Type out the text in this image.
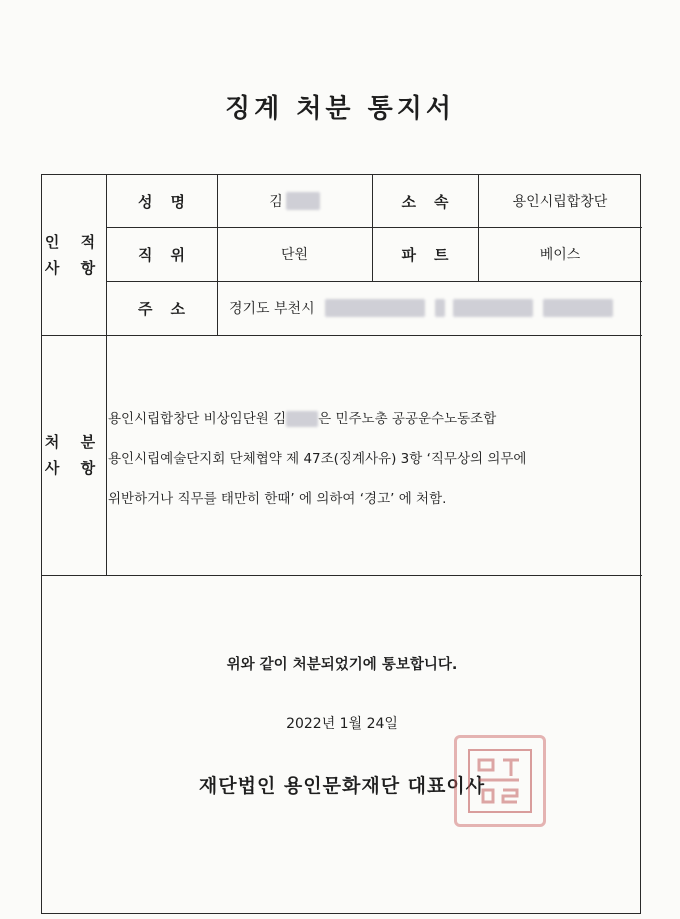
징계 처분 통지서
인 적
사 항
성명	김	소속	용인시립합창단
직위	단원	파트	베이스
주소	경기도 부천시
처 분
사 항
용인시립합창단 비상임단원 김 은 민주노총 공공운수노동조합
용인시립예술단지회 단체협약 제 47조(징계사유) 3항 ‘직무상의 의무에
위반하거나 직무를 태만히 한때’ 에 의하여 ‘경고’ 에 처함.
위와 같이 처분되었기에 통보합니다.
2022년 1월 24일
재단법인 용인문화재단 대표이사
